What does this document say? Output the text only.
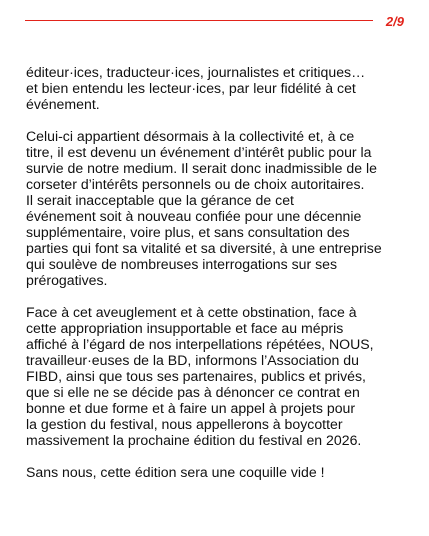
2/9
éditeur·ices, traducteur·ices, journalistes et critiques…
et bien entendu les lecteur·ices, par leur fidélité à cet
événement.
Celui-ci appartient désormais à la collectivité et, à ce
titre, il est devenu un événement d’intérêt public pour la
survie de notre medium. Il serait donc inadmissible de le
corseter d’intérêts personnels ou de choix autoritaires.
Il serait inacceptable que la gérance de cet
événement soit à nouveau confiée pour une décennie
supplémentaire, voire plus, et sans consultation des
parties qui font sa vitalité et sa diversité, à une entreprise
qui soulève de nombreuses interrogations sur ses
prérogatives.
Face à cet aveuglement et à cette obstination, face à
cette appropriation insupportable et face au mépris
affiché à l’égard de nos interpellations répétées, NOUS,
travailleur·euses de la BD, informons l’Association du
FIBD, ainsi que tous ses partenaires, publics et privés,
que si elle ne se décide pas à dénoncer ce contrat en
bonne et due forme et à faire un appel à projets pour
la gestion du festival, nous appellerons à boycotter
massivement la prochaine édition du festival en 2026.
Sans nous, cette édition sera une coquille vide !
